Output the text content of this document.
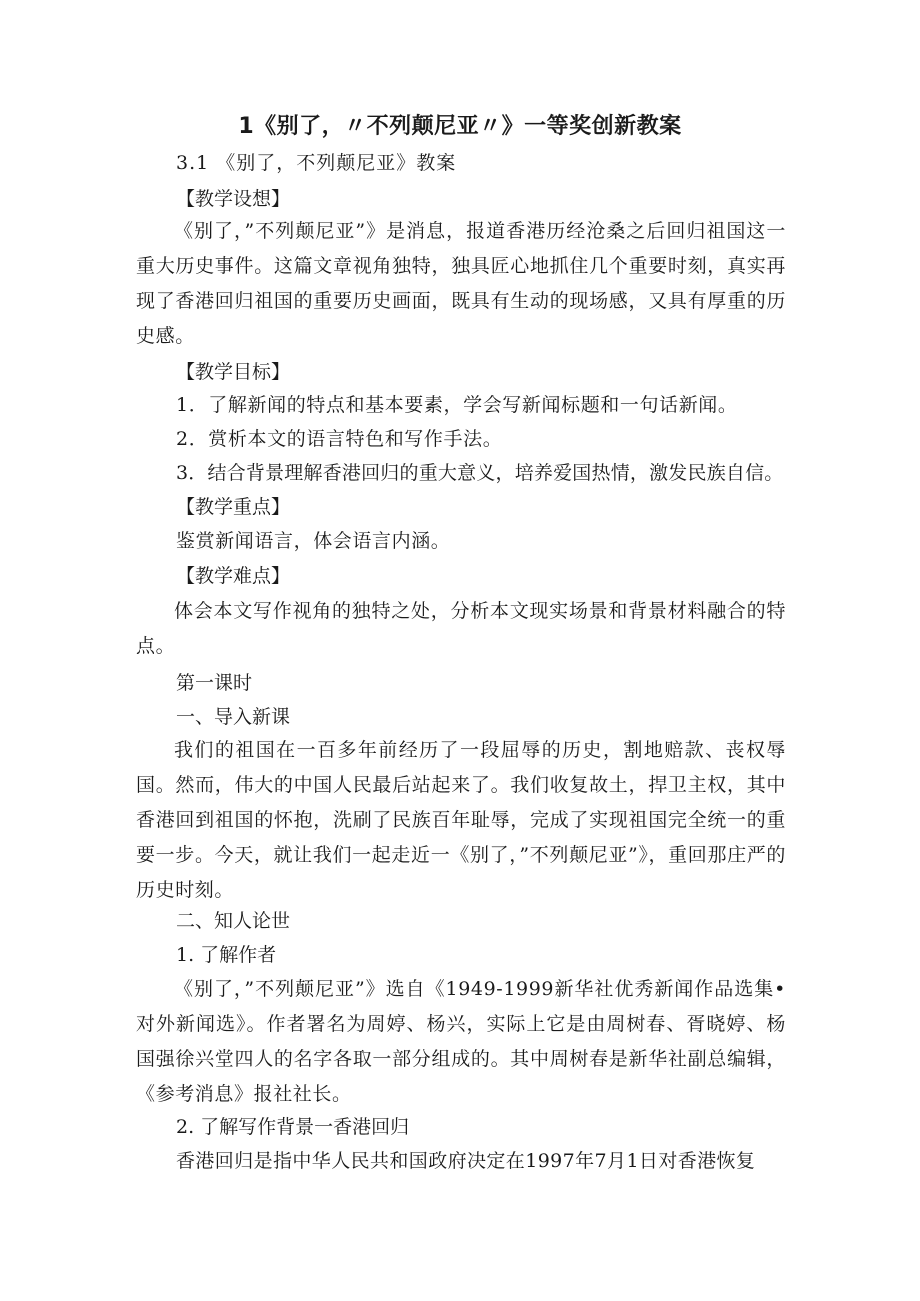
1《别了，〃不列颠尼亚〃》一等奖创新教案
3.1 《别了，不列颠尼亚》教案
【教学设想】
《别了，”不列颠尼亚”》是消息，报道香港历经沧桑之后回归祖国这一重大历史事件。这篇文章视角独特，独具匠心地抓住几个重要时刻，真实再现了香港回归祖国的重要历史画面，既具有生动的现场感，又具有厚重的历史感。
【教学目标】
1．了解新闻的特点和基本要素，学会写新闻标题和一句话新闻。
2．赏析本文的语言特色和写作手法。
3．结合背景理解香港回归的重大意义，培养爱国热情，激发民族自信。
【教学重点】
鉴赏新闻语言，体会语言内涵。
【教学难点】
体会本文写作视角的独特之处，分析本文现实场景和背景材料融合的特点。
第一课时
一、导入新课
我们的祖国在一百多年前经历了一段屈辱的历史，割地赔款、丧权辱国。然而，伟大的中国人民最后站起来了。我们收复故土，捍卫主权，其中香港回到祖国的怀抱，洗刷了民族百年耻辱，完成了实现祖国完全统一的重要一步。今天，就让我们一起走近一《别了，”不列颠尼亚”》，重回那庄严的历史时刻。
二、知人论世
1. 了解作者
《别了，”不列颠尼亚”》选自《1949-1999新华社优秀新闻作品选集•对外新闻选》。作者署名为周婷、杨兴，实际上它是由周树春、胥晓婷、杨国强徐兴堂四人的名字各取一部分组成的。其中周树春是新华社副总编辑，《参考消息》报社社长。
2. 了解写作背景一香港回归
香港回归是指中华人民共和国政府决定在1997年7月1日对香港恢复
